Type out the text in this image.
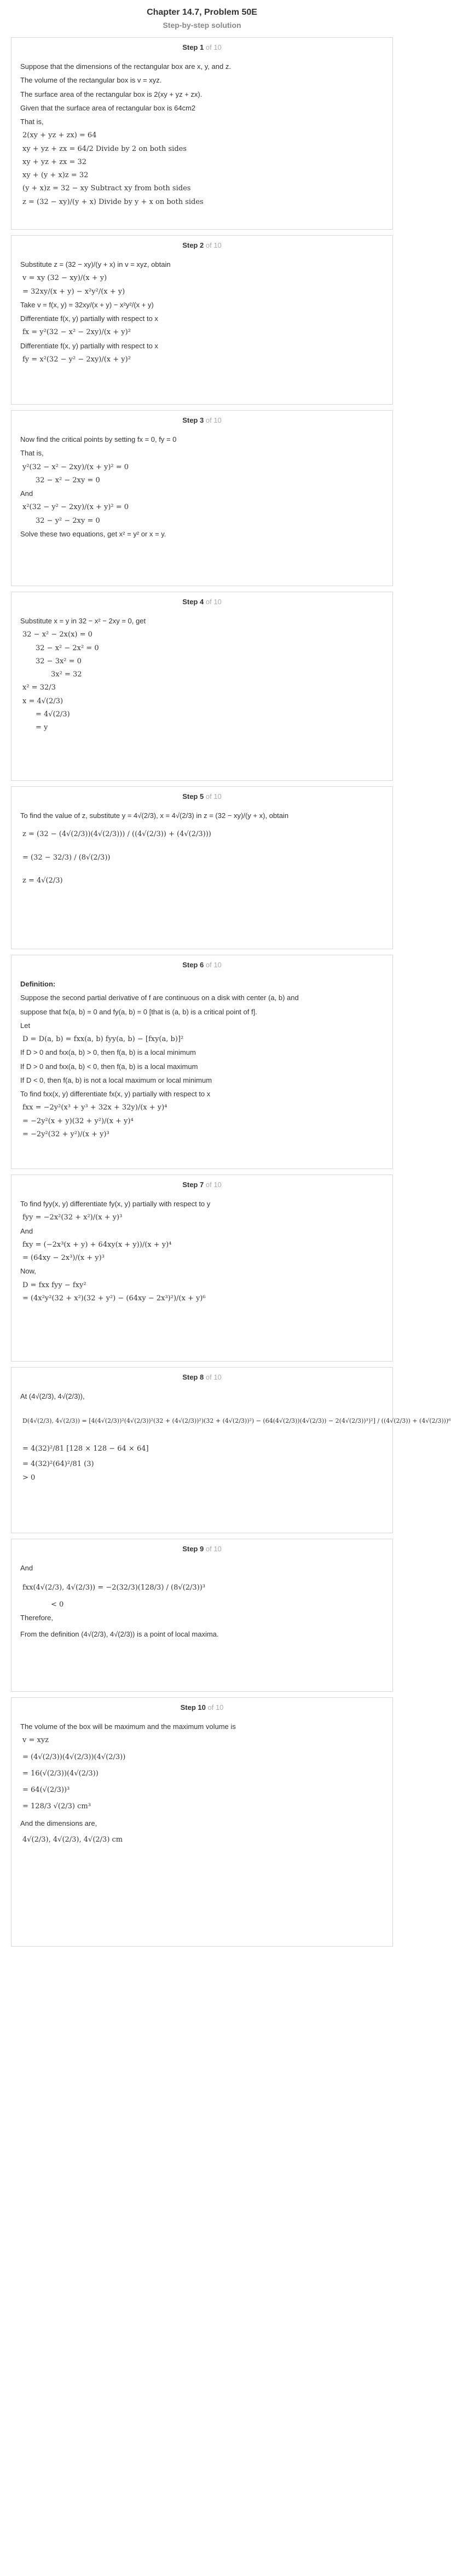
Chapter 14.7, Problem 50E
Step-by-step solution
Step 1 of 10
Suppose that the dimensions of the rectangular box are x, y, and z.
The volume of the rectangular box is v = xyz.
The surface area of the rectangular box is 2(xy + yz + zx).
Given that the surface area of rectangular box is 64cm2
That is,
2(xy + yz + zx) = 64
xy + yz + zx = 64/2 Divide by 2 on both sides
xy + yz + zx = 32
xy + (y + x)z = 32
(y + x)z = 32 − xy Subtract xy from both sides
z = (32 − xy)/(y + x) Divide by y + x on both sides
Step 2 of 10
Substitute z = (32 − xy)/(y + x) in v = xyz, obtain
v = xy (32 − xy)/(x + y)
= 32xy/(x + y) − x²y²/(x + y)
Take v = f(x, y) = 32xy/(x + y) − x²y²/(x + y)
Differentiate f(x, y) partially with respect to x
fx = y²(32 − x² − 2xy)/(x + y)²
Differentiate f(x, y) partially with respect to x
fy = x²(32 − y² − 2xy)/(x + y)²
Step 3 of 10
Now find the critical points by setting fx = 0, fy = 0
That is,
y²(32 − x² − 2xy)/(x + y)² = 0
32 − x² − 2xy = 0
And
x²(32 − y² − 2xy)/(x + y)² = 0
32 − y² − 2xy = 0
Solve these two equations, get x² = y² or x = y.
Step 4 of 10
Substitute x = y in 32 − x² − 2xy = 0, get
32 − x² − 2x(x) = 0
32 − x² − 2x² = 0
32 − 3x² = 0
3x² = 32
x² = 32/3
x = 4√(2/3)
= 4√(2/3)
= y
Step 5 of 10
To find the value of z, substitute y = 4√(2/3), x = 4√(2/3) in z = (32 − xy)/(y + x), obtain
z = (32 − (4√(2/3))(4√(2/3))) / ((4√(2/3)) + (4√(2/3)))
= (32 − 32/3) / (8√(2/3))
z = 4√(2/3)
Step 6 of 10
Definition:
Suppose the second partial derivative of f are continuous on a disk with center (a, b) and
suppose that fx(a, b) = 0 and fy(a, b) = 0 [that is (a, b) is a critical point of f].
Let
D = D(a, b) = fxx(a, b) fyy(a, b) − [fxy(a, b)]²
If D > 0 and fxx(a, b) > 0, then f(a, b) is a local minimum
If D > 0 and fxx(a, b) < 0, then f(a, b) is a local maximum
If D < 0, then f(a, b) is not a local maximum or local minimum
To find fxx(x, y) differentiate fx(x, y) partially with respect to x
fxx = −2y²(x³ + y³ + 32x + 32y)/(x + y)⁴
= −2y²(x + y)(32 + y²)/(x + y)⁴
= −2y²(32 + y²)/(x + y)³
Step 7 of 10
To find fyy(x, y) differentiate fy(x, y) partially with respect to y
fyy = −2x²(32 + x²)/(x + y)³
And
fxy = (−2x³(x + y) + 64xy(x + y))/(x + y)⁴
= (64xy − 2x³)/(x + y)³
Now,
D = fxx fyy − fxy²
= (4x²y²(32 + x²)(32 + y²) − (64xy − 2x³)²)/(x + y)⁶
Step 8 of 10
At (4√(2/3), 4√(2/3)),
D(4√(2/3), 4√(2/3)) = [4(4√(2/3))²(4√(2/3))²(32 + (4√(2/3))²)(32 + (4√(2/3))²) − (64(4√(2/3))(4√(2/3)) − 2(4√(2/3))³)²] / ((4√(2/3)) + (4√(2/3)))⁶
= 4(32)²/81 [128 × 128 − 64 × 64]
= 4(32)²(64)²/81 (3)
> 0
Step 9 of 10
And
fxx(4√(2/3), 4√(2/3)) = −2(32/3)(128/3) / (8√(2/3))³
< 0
Therefore,
From the definition (4√(2/3), 4√(2/3)) is a point of local maxima.
Step 10 of 10
The volume of the box will be maximum and the maximum volume is
v = xyz
= (4√(2/3))(4√(2/3))(4√(2/3))
= 16(√(2/3))(4√(2/3))
= 64(√(2/3))³
= 128/3 √(2/3) cm³
And the dimensions are,
4√(2/3), 4√(2/3), 4√(2/3) cm
